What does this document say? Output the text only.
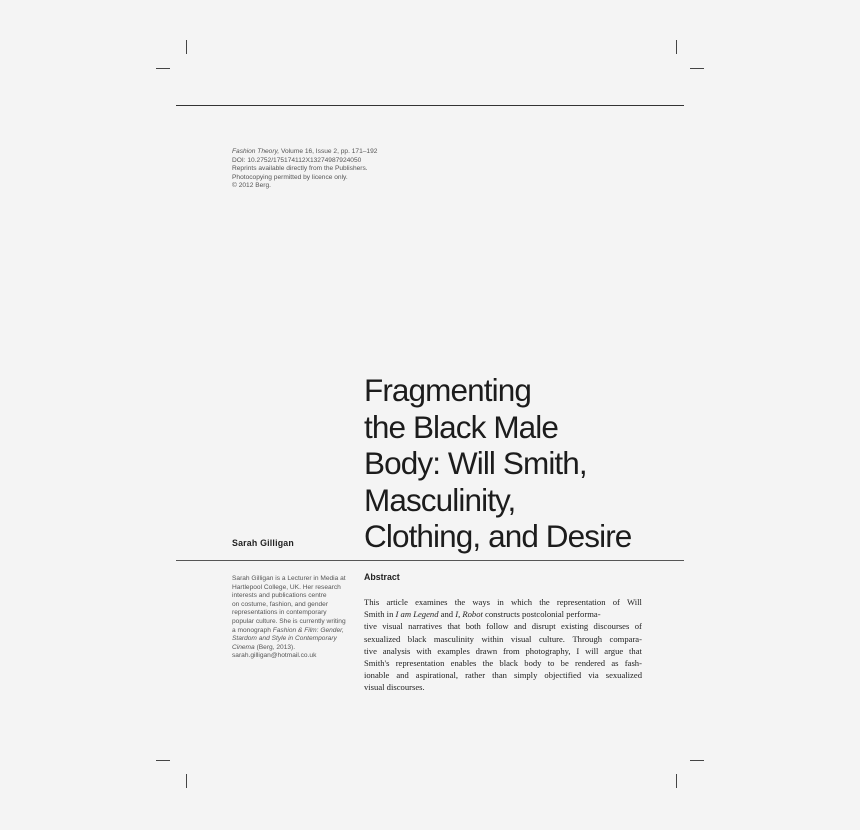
Fashion Theory, Volume 16, Issue 2, pp. 171–192
DOI: 10.2752/175174112X13274987924050
Reprints available directly from the Publishers.
Photocopying permitted by licence only.
© 2012 Berg.
Fragmenting
the Black Male
Body: Will Smith,
Masculinity,
Clothing, and Desire
Sarah Gilligan
Sarah Gilligan is a Lecturer in Media at
Hartlepool College, UK. Her research
interests and publications centre
on costume, fashion, and gender
representations in contemporary
popular culture. She is currently writing
a monograph Fashion & Film: Gender,
Stardom and Style in Contemporary
Cinema (Berg, 2013).
sarah.gilligan@hotmail.co.uk
Abstract
This article examines the ways in which the representation of Will
Smith in I am Legend and I, Robot constructs postcolonial performa-
tive visual narratives that both follow and disrupt existing discourses of
sexualized black masculinity within visual culture. Through compara-
tive analysis with examples drawn from photography, I will argue that
Smith's representation enables the black body to be rendered as fash-
ionable and aspirational, rather than simply objectified via sexualized
visual discourses.
